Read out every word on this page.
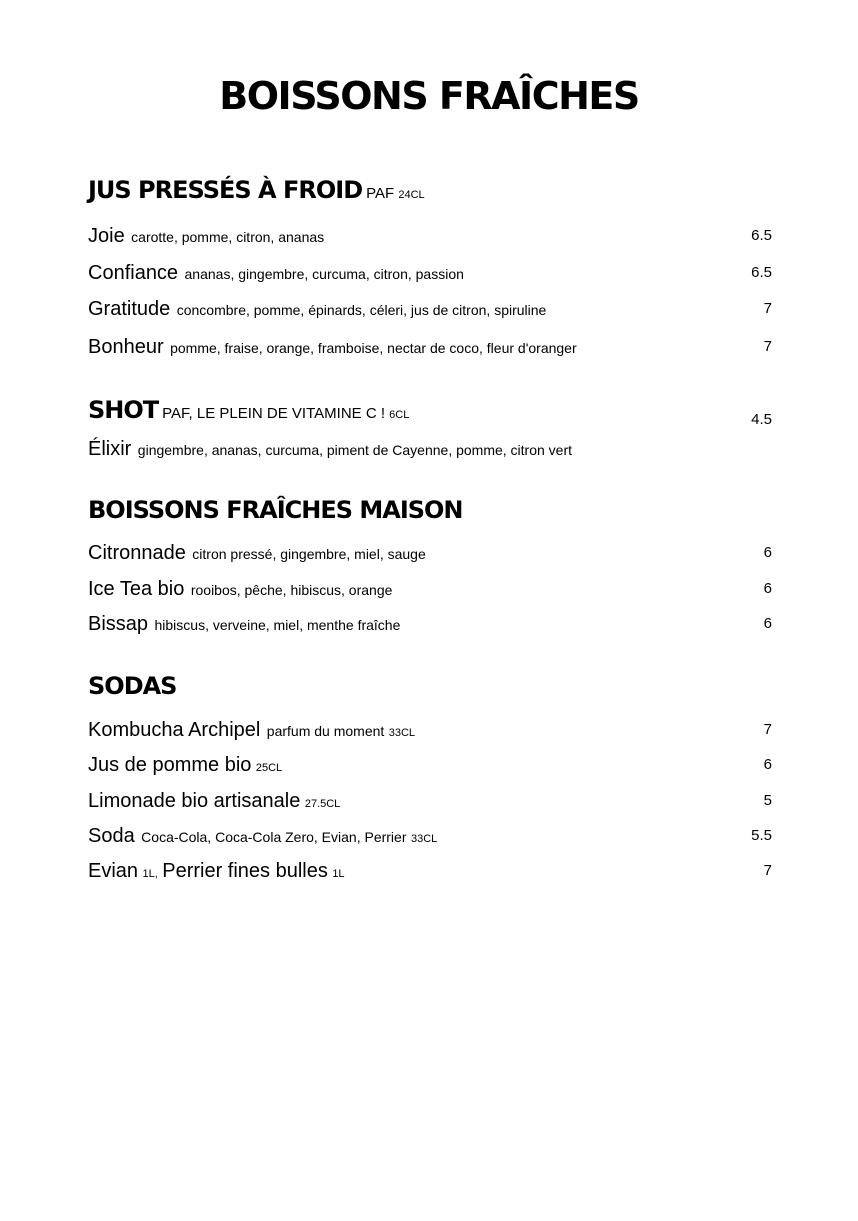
BOISSONS FRAÎCHES
JUS PRESSÉS À FROID PAF 24CL
Joie carotte, pomme, citron, ananas	6.5
Confiance ananas, gingembre, curcuma, citron, passion	6.5
Gratitude concombre, pomme, épinards, céleri, jus de citron, spiruline	7
Bonheur pomme, fraise, orange, framboise, nectar de coco, fleur d'oranger	7
SHOT PAF, LE PLEIN DE VITAMINE C ! 6CL	4.5
Élixir gingembre, ananas, curcuma, piment de Cayenne, pomme, citron vert
BOISSONS FRAÎCHES MAISON
Citronnade citron pressé, gingembre, miel, sauge	6
Ice Tea bio rooibos, pêche, hibiscus, orange	6
Bissap hibiscus, verveine, miel, menthe fraîche	6
SODAS
Kombucha Archipel parfum du moment 33CL	7
Jus de pomme bio 25CL	6
Limonade bio artisanale 27.5CL	5
Soda Coca-Cola, Coca-Cola Zero, Evian, Perrier 33CL	5.5
Evian 1L, Perrier fines bulles 1L	7
